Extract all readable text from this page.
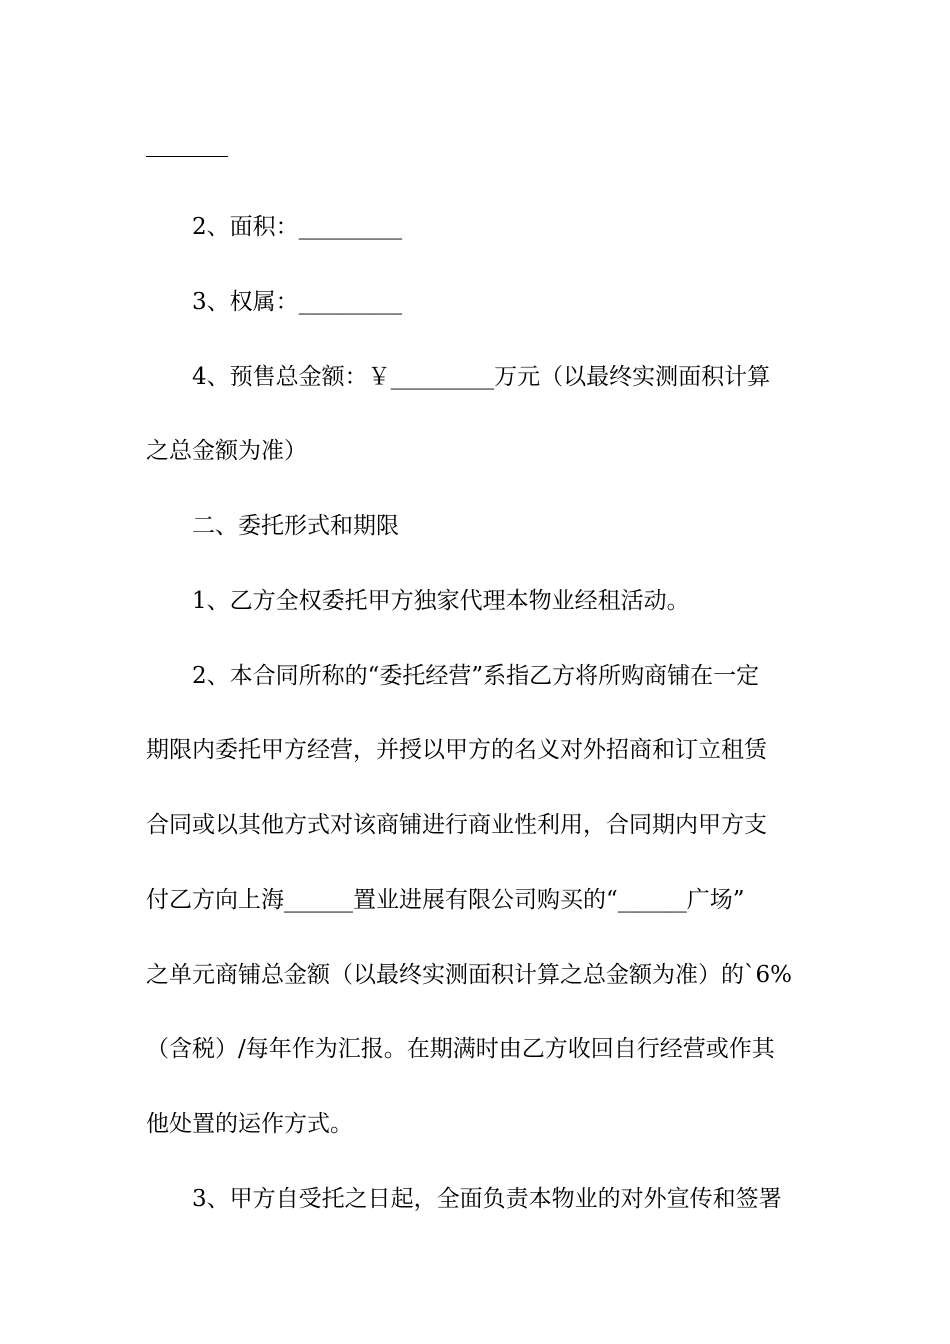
2、面积：_________
3、权属：_________
4、预售总金额：￥_________万元（以最终实测面积计算
之总金额为准）
二、委托形式和期限
1、乙方全权委托甲方独家代理本物业经租活动。
2、本合同所称的“委托经营”系指乙方将所购商铺在一定
期限内委托甲方经营，并授以甲方的名义对外招商和订立租赁
合同或以其他方式对该商铺进行商业性利用，合同期内甲方支
付乙方向上海______置业进展有限公司购买的“______广场”
之单元商铺总金额（以最终实测面积计算之总金额为准）的`6%
（含税）/每年作为汇报。在期满时由乙方收回自行经营或作其
他处置的运作方式。
3、甲方自受托之日起，全面负责本物业的对外宣传和签署
